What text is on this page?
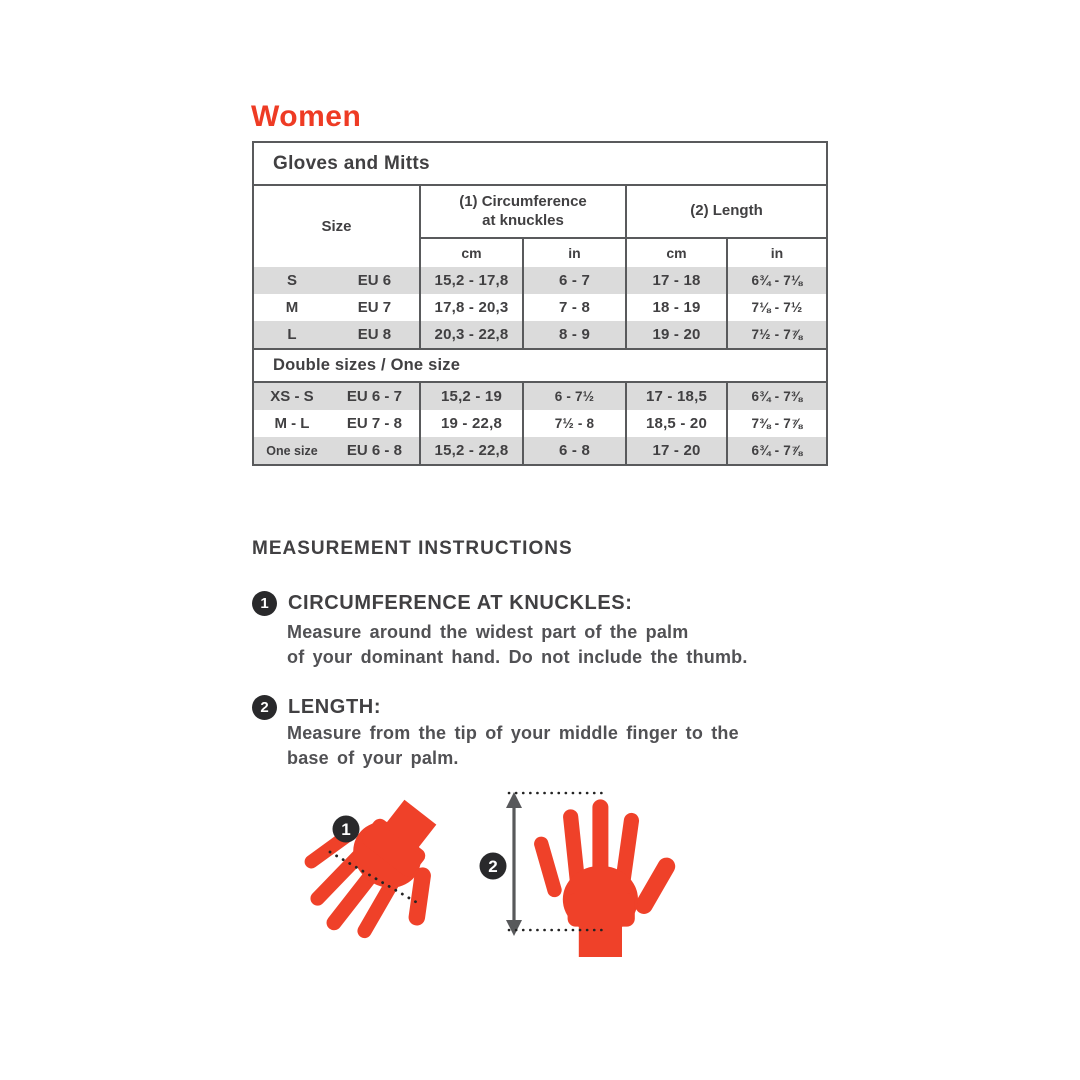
Women
Gloves and Mitts
Size
(1) Circumference
at knuckles
(2) Length
cm	in	cm	in
S	EU 6	15,2 - 17,8	6 - 7	17 - 18	6¾ - 7⅛
M	EU 7	17,8 - 20,3	7 - 8	18 - 19	7⅛ - 7½
L	EU 8	20,3 - 22,8	8 - 9	19 - 20	7½ - 7⅞
Double sizes / One size
XS - S	EU 6 - 7	15,2 - 19	6 - 7½	17 - 18,5	6¾ - 7⅜
M - L	EU 7 - 8	19 - 22,8	7½ - 8	18,5 - 20	7⅜ - 7⅞
One size	EU 6 - 8	15,2 - 22,8	6 - 8	17 - 20	6¾ - 7⅞
MEASUREMENT INSTRUCTIONS
1 CIRCUMFERENCE AT KNUCKLES:
Measure around the widest part of the palm
of your dominant hand. Do not include the thumb.
2 LENGTH:
Measure from the tip of your middle finger to the
base of your palm.
1
2
